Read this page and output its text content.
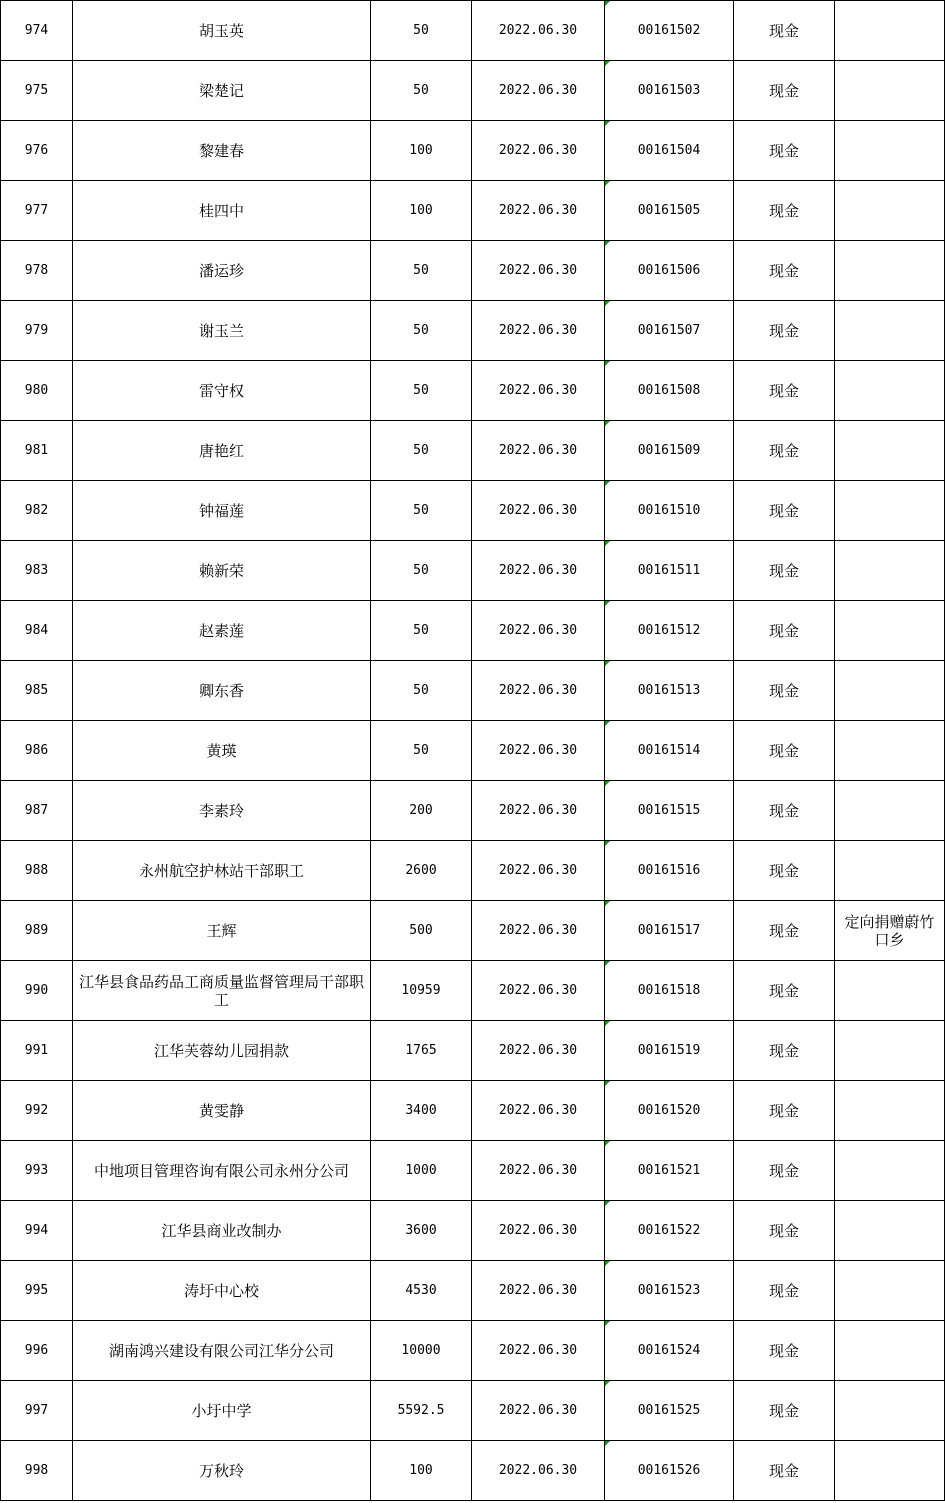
974	胡玉英	50	2022.06.30	00161502	现金	
975	梁楚记	50	2022.06.30	00161503	现金	
976	黎建春	100	2022.06.30	00161504	现金	
977	桂四中	100	2022.06.30	00161505	现金	
978	潘运珍	50	2022.06.30	00161506	现金	
979	谢玉兰	50	2022.06.30	00161507	现金	
980	雷守权	50	2022.06.30	00161508	现金	
981	唐艳红	50	2022.06.30	00161509	现金	
982	钟福莲	50	2022.06.30	00161510	现金	
983	赖新荣	50	2022.06.30	00161511	现金	
984	赵素莲	50	2022.06.30	00161512	现金	
985	卿东香	50	2022.06.30	00161513	现金	
986	黄瑛	50	2022.06.30	00161514	现金	
987	李素玲	200	2022.06.30	00161515	现金	
988	永州航空护林站干部职工	2600	2022.06.30	00161516	现金	
989	王辉	500	2022.06.30	00161517	现金	定向捐赠蔚竹口乡
990	江华县食品药品工商质量监督管理局干部职工	10959	2022.06.30	00161518	现金	
991	江华芙蓉幼儿园捐款	1765	2022.06.30	00161519	现金	
992	黄雯静	3400	2022.06.30	00161520	现金	
993	中地项目管理咨询有限公司永州分公司	1000	2022.06.30	00161521	现金	
994	江华县商业改制办	3600	2022.06.30	00161522	现金	
995	涛圩中心校	4530	2022.06.30	00161523	现金	
996	湖南鸿兴建设有限公司江华分公司	10000	2022.06.30	00161524	现金	
997	小圩中学	5592.5	2022.06.30	00161525	现金	
998	万秋玲	100	2022.06.30	00161526	现金	
